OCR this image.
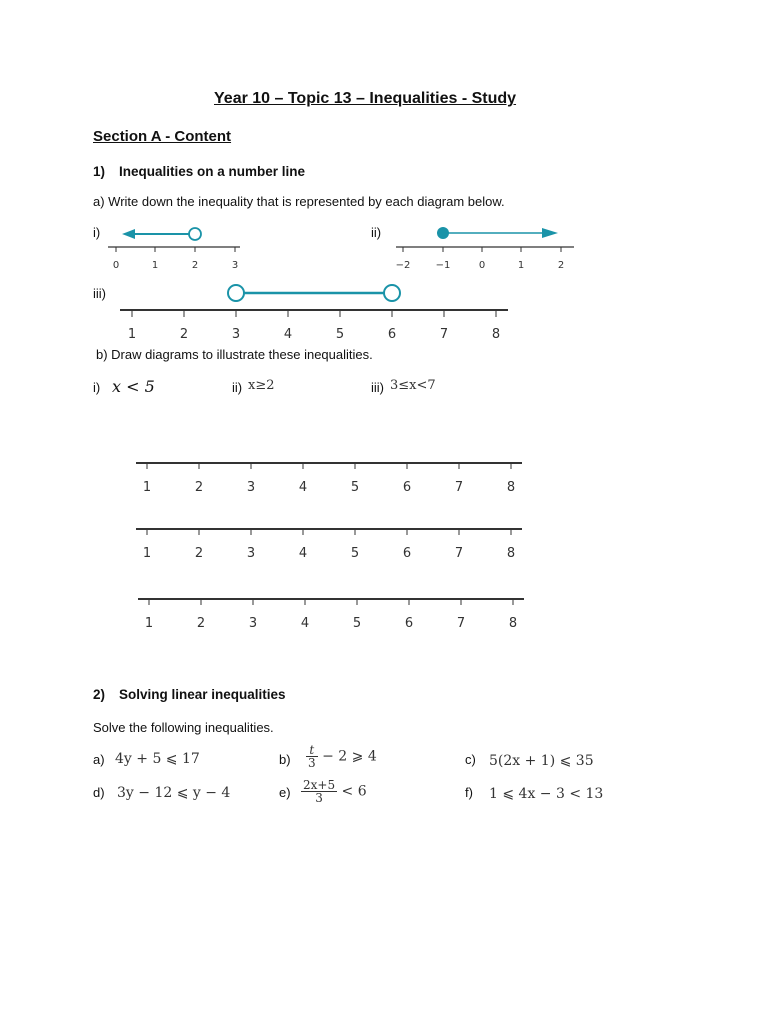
Year 10 – Topic 13 – Inequalities - Study
Section A - Content
1) Inequalities on a number line
a) Write down the inequality that is represented by each diagram below.
i)	ii)
iii)
0	1	2	3	−2	−1	0	1	2
1	2	3	4	5	6	7	8
b) Draw diagrams to illustrate these inequalities.
i) x < 5	ii) x≥2	iii) 3≤x<7
1	2	3	4	5	6	7	8
1	2	3	4	5	6	7	8
1	2	3	4	5	6	7	8
2) Solving linear inequalities
Solve the following inequalities.
a) 4y + 5 ⩽ 17	$b) \frac{t}{3} - 2$ ⩾ 4	c) 5(2x + 1) ⩽ 35
d) 3y − 12 ⩽ y − 4	$e) \frac{2x+5}{3} < 6$	f) 1 ⩽ 4x − 3 < 13
